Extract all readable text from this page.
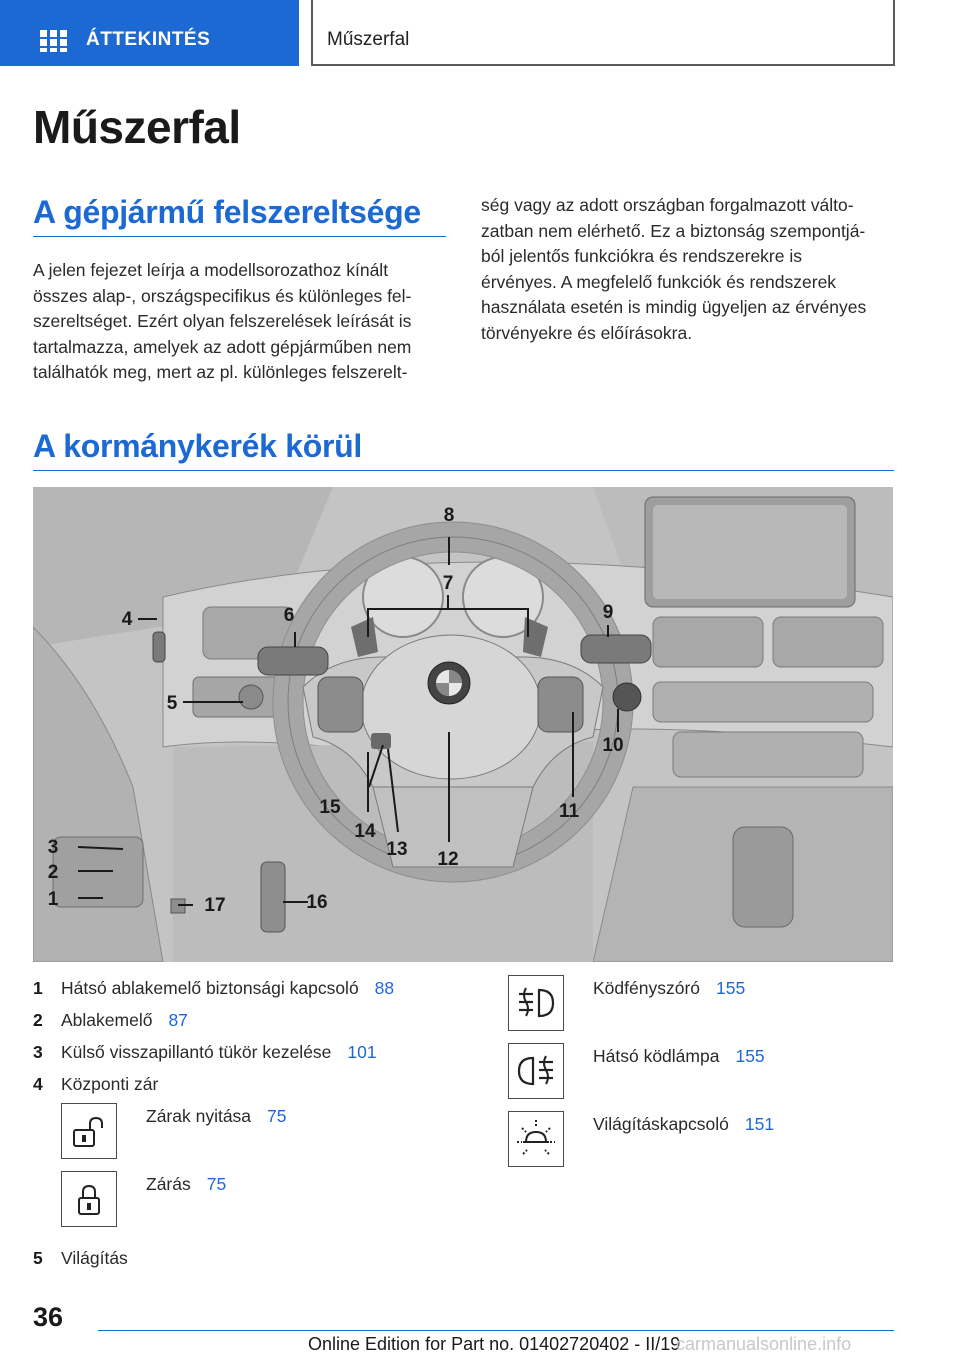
ÁTTEKINTÉS	Műszerfal
Műszerfal
A gépjármű felszereltsége
A jelen fejezet leírja a modellsorozathoz kínált
összes alap-, országspecifikus és különleges fel‐
szereltséget. Ezért olyan felszerelések leírását is
tartalmazza, amelyek az adott gépjárműben nem
találhatók meg, mert az pl. különleges felszerelt‐
ség vagy az adott országban forgalmazott válto‐
zatban nem elérhető. Ez a biztonság szempontjá‐
ból jelentős funkciókra és rendszerekre is
érvényes. A megfelelő funkciók és rendszerek
használata esetén is mindig ügyeljen az érvényes
törvényekre és előírásokra.
A kormánykerék körül
8
7
6	9
4
5
10
11
12
13
14
15
3
2
1	17	16
1 Hátsó ablakemelő biztonsági kapcsoló 88
2 Ablakemelő 87
3 Külső visszapillantó tükör kezelése 101
4 Központi zár
Zárak nyitása 75
Zárás 75
5 Világítás
Ködfényszóró 155
Hátsó ködlámpa 155
Világításkapcsoló 151
36
Online Edition for Part no. 01402720402 - II/19
carmanualsonline.info
